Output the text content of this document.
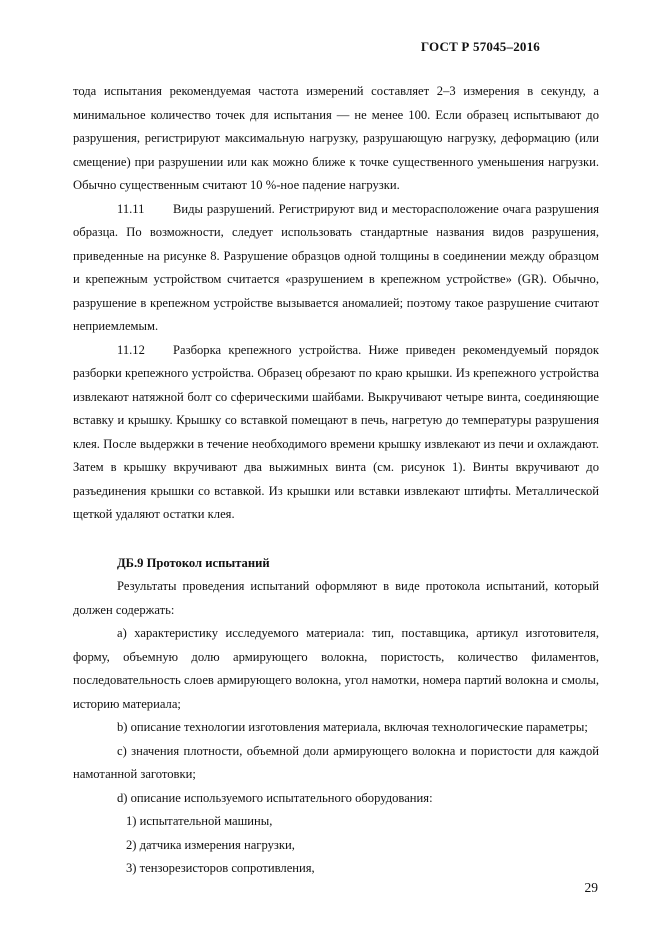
ГОСТ Р 57045–2016

тода испытания рекомендуемая частота измерений составляет 2–3 измерения в секунду, а минимальное количество точек для испытания — не менее 100. Если образец испытывают до разрушения, регистрируют максимальную нагрузку, разрушающую нагрузку, деформацию (или смещение) при разрушении или как можно ближе к точке существенного уменьшения нагрузки. Обычно существенным считают 10 %-ное падение нагрузки.

11.11 Виды разрушений. Регистрируют вид и месторасположение очага разрушения образца. По возможности, следует использовать стандартные названия видов разрушения, приведенные на рисунке 8. Разрушение образцов одной толщины в соединении между образцом и крепежным устройством считается «разрушением в крепежном устройстве» (GR). Обычно, разрушение в крепежном устройстве вызывается аномалией; поэтому такое разрушение считают неприемлемым.

11.12 Разборка крепежного устройства. Ниже приведен рекомендуемый порядок разборки крепежного устройства. Образец обрезают по краю крышки. Из крепежного устройства извлекают натяжной болт со сферическими шайбами. Выкручивают четыре винта, соединяющие вставку и крышку. Крышку со вставкой помещают в печь, нагретую до температуры разрушения клея. После выдержки в течение необходимого времени крышку извлекают из печи и охлаждают. Затем в крышку вкручивают два выжимных винта (см. рисунок 1). Винты вкручивают до разъединения крышки со вставкой. Из крышки или вставки извлекают штифты. Металлической щеткой удаляют остатки клея.

ДБ.9 Протокол испытаний

Результаты проведения испытаний оформляют в виде протокола испытаний, который должен содержать:

а) характеристику исследуемого материала: тип, поставщика, артикул изготовителя, форму, объемную долю армирующего волокна, пористость, количество филаментов, последовательность слоев армирующего волокна, угол намотки, номера партий волокна и смолы, историю материала;

b) описание технологии изготовления материала, включая технологические параметры;

с) значения плотности, объемной доли армирующего волокна и пористости для каждой намотанной заготовки;

d) описание используемого испытательного оборудования:

1) испытательной машины,

2) датчика измерения нагрузки,

3) тензорезисторов сопротивления,

29
